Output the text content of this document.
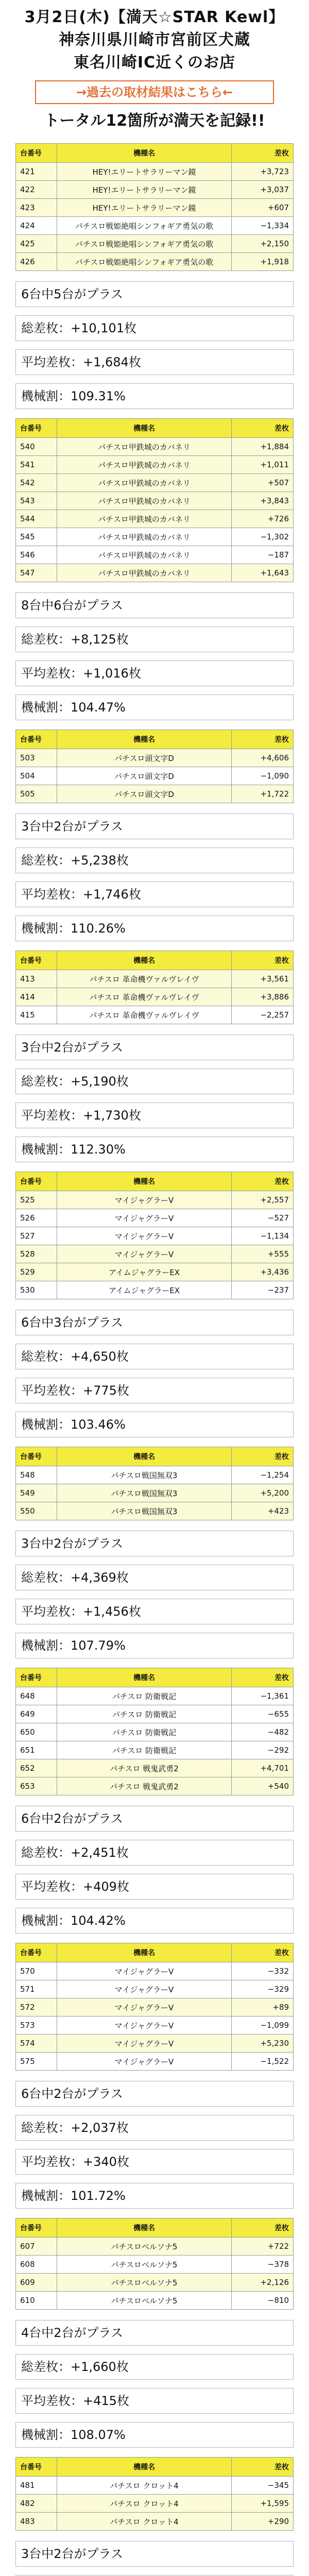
3月2日(木)【満天☆STAR Kewl】
神奈川県川崎市宮前区犬蔵
東名川崎IC近くのお店
→過去の取材結果はこちら←
トータル12箇所が満天を記録!!
台番号	機種名	差枚
421	HEY!エリートサラリーマン鏡	+3,723
422	HEY!エリートサラリーマン鏡	+3,037
423	HEY!エリートサラリーマン鏡	+607
424	パチスロ戦姫絶唱シンフォギア勇気の歌	−1,334
425	パチスロ戦姫絶唱シンフォギア勇気の歌	+2,150
426	パチスロ戦姫絶唱シンフォギア勇気の歌	+1,918
6台中5台がプラス
総差枚：+10,101枚
平均差枚：+1,684枚
機械割：109.31%
台番号	機種名	差枚
540	パチスロ甲鉄城のカバネリ	+1,884
541	パチスロ甲鉄城のカバネリ	+1,011
542	パチスロ甲鉄城のカバネリ	+507
543	パチスロ甲鉄城のカバネリ	+3,843
544	パチスロ甲鉄城のカバネリ	+726
545	パチスロ甲鉄城のカバネリ	−1,302
546	パチスロ甲鉄城のカバネリ	−187
547	パチスロ甲鉄城のカバネリ	+1,643
8台中6台がプラス
総差枚：+8,125枚
平均差枚：+1,016枚
機械割：104.47%
台番号	機種名	差枚
503	パチスロ頭文字D	+4,606
504	パチスロ頭文字D	−1,090
505	パチスロ頭文字D	+1,722
3台中2台がプラス
総差枚：+5,238枚
平均差枚：+1,746枚
機械割：110.26%
台番号	機種名	差枚
413	パチスロ 革命機ヴァルヴレイヴ	+3,561
414	パチスロ 革命機ヴァルヴレイヴ	+3,886
415	パチスロ 革命機ヴァルヴレイヴ	−2,257
3台中2台がプラス
総差枚：+5,190枚
平均差枚：+1,730枚
機械割：112.30%
台番号	機種名	差枚
525	マイジャグラーV	+2,557
526	マイジャグラーV	−527
527	マイジャグラーV	−1,134
528	マイジャグラーV	+555
529	アイムジャグラーEX	+3,436
530	アイムジャグラーEX	−237
6台中3台がプラス
総差枚：+4,650枚
平均差枚：+775枚
機械割：103.46%
台番号	機種名	差枚
548	パチスロ戦国無双3	−1,254
549	パチスロ戦国無双3	+5,200
550	パチスロ戦国無双3	+423
3台中2台がプラス
総差枚：+4,369枚
平均差枚：+1,456枚
機械割：107.79%
台番号	機種名	差枚
648	パチスロ 防衛戦記	−1,361
649	パチスロ 防衛戦記	−655
650	パチスロ 防衛戦記	−482
651	パチスロ 防衛戦記	−292
652	パチスロ 戦鬼武勇2	+4,701
653	パチスロ 戦鬼武勇2	+540
6台中2台がプラス
総差枚：+2,451枚
平均差枚：+409枚
機械割：104.42%
台番号	機種名	差枚
570	マイジャグラーV	−332
571	マイジャグラーV	−329
572	マイジャグラーV	+89
573	マイジャグラーV	−1,099
574	マイジャグラーV	+5,230
575	マイジャグラーV	−1,522
6台中2台がプラス
総差枚：+2,037枚
平均差枚：+340枚
機械割：101.72%
台番号	機種名	差枚
607	パチスロベルソナ5	+722
608	パチスロベルソナ5	−378
609	パチスロベルソナ5	+2,126
610	パチスロベルソナ5	−810
4台中2台がプラス
総差枚：+1,660枚
平均差枚：+415枚
機械割：108.07%
台番号	機種名	差枚
481	パチスロ クロット4	−345
482	パチスロ クロット4	+1,595
483	パチスロ クロット4	+290
3台中2台がプラス
